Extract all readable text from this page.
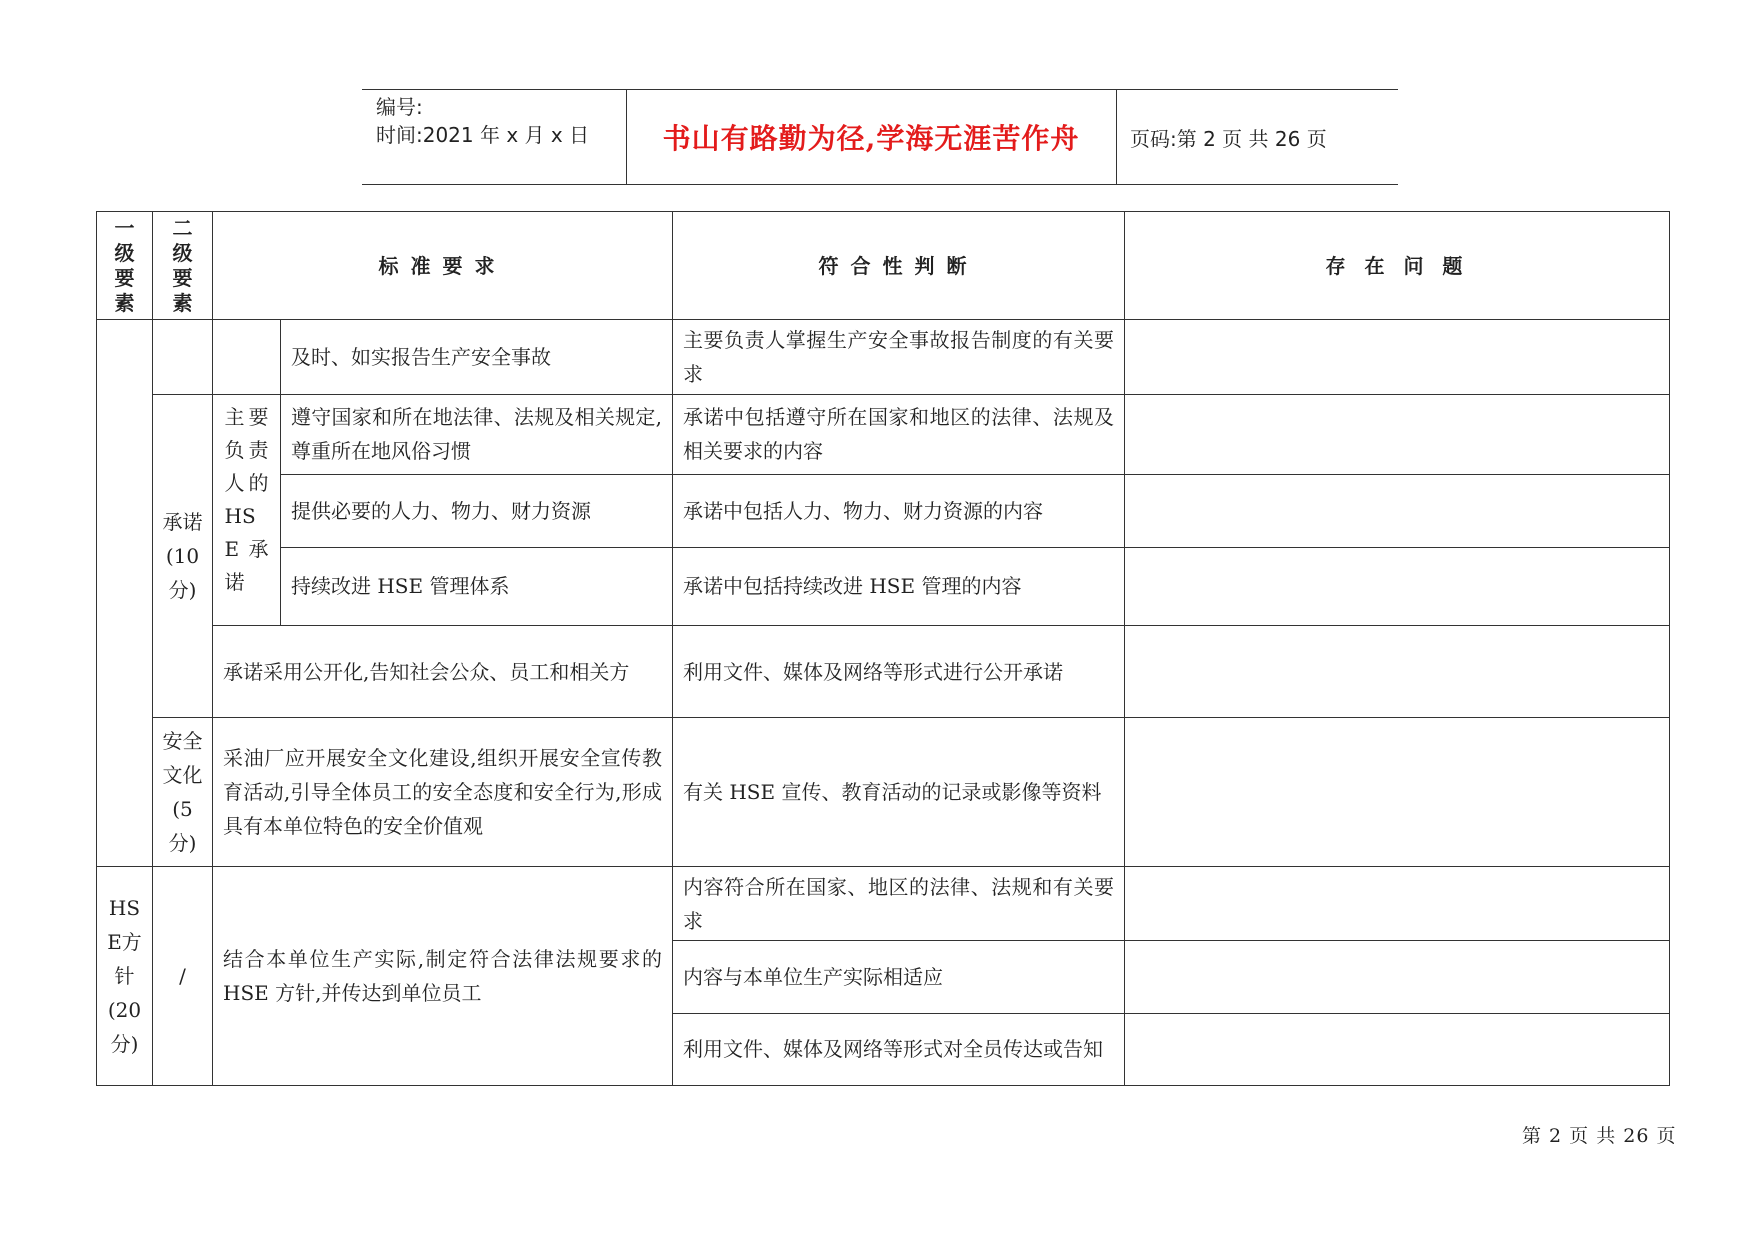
编号:
时间:2021 年 x 月 x 日	书山有路勤为径,学海无涯苦作舟	页码:第 2 页 共 26 页
一级要素	二级要素	标准要求		符合性判断	存 在 问 题
			及时、如实报告生产安全事故	主要负责人掌握生产安全事故报告制度的有关要求	

	承诺(10分)	主要负责人的HSE承诺	遵守国家和所在地法律、法规及相关规定,尊重所在地风俗习惯	承诺中包括遵守所在国家和地区的法律、法规及相关要求的内容	
			提供必要的人力、物力、财力资源	承诺中包括人力、物力、财力资源的内容	
			持续改进 HSE 管理体系	承诺中包括持续改进 HSE 管理的内容	
		承诺采用公开化,告知社会公众、员工和相关方		利用文件、媒体及网络等形式进行公开承诺	

	安全文化(5分)	采油厂应开展安全文化建设,组织开展安全宣传教育活动,引导全体员工的安全态度和安全行为,形成具有本单位特色的安全价值观		有关 HSE 宣传、教育活动的记录或影像等资料	

HSE方针(20分)	/	结合本单位生产实际,制定符合法律法规要求的 HSE 方针,并传达到单位员工		内容符合所在国家、地区的法律、法规和有关要求	
				内容与本单位生产实际相适应	
				利用文件、媒体及网络等形式对全员传达或告知	
第 2 页 共 26 页
